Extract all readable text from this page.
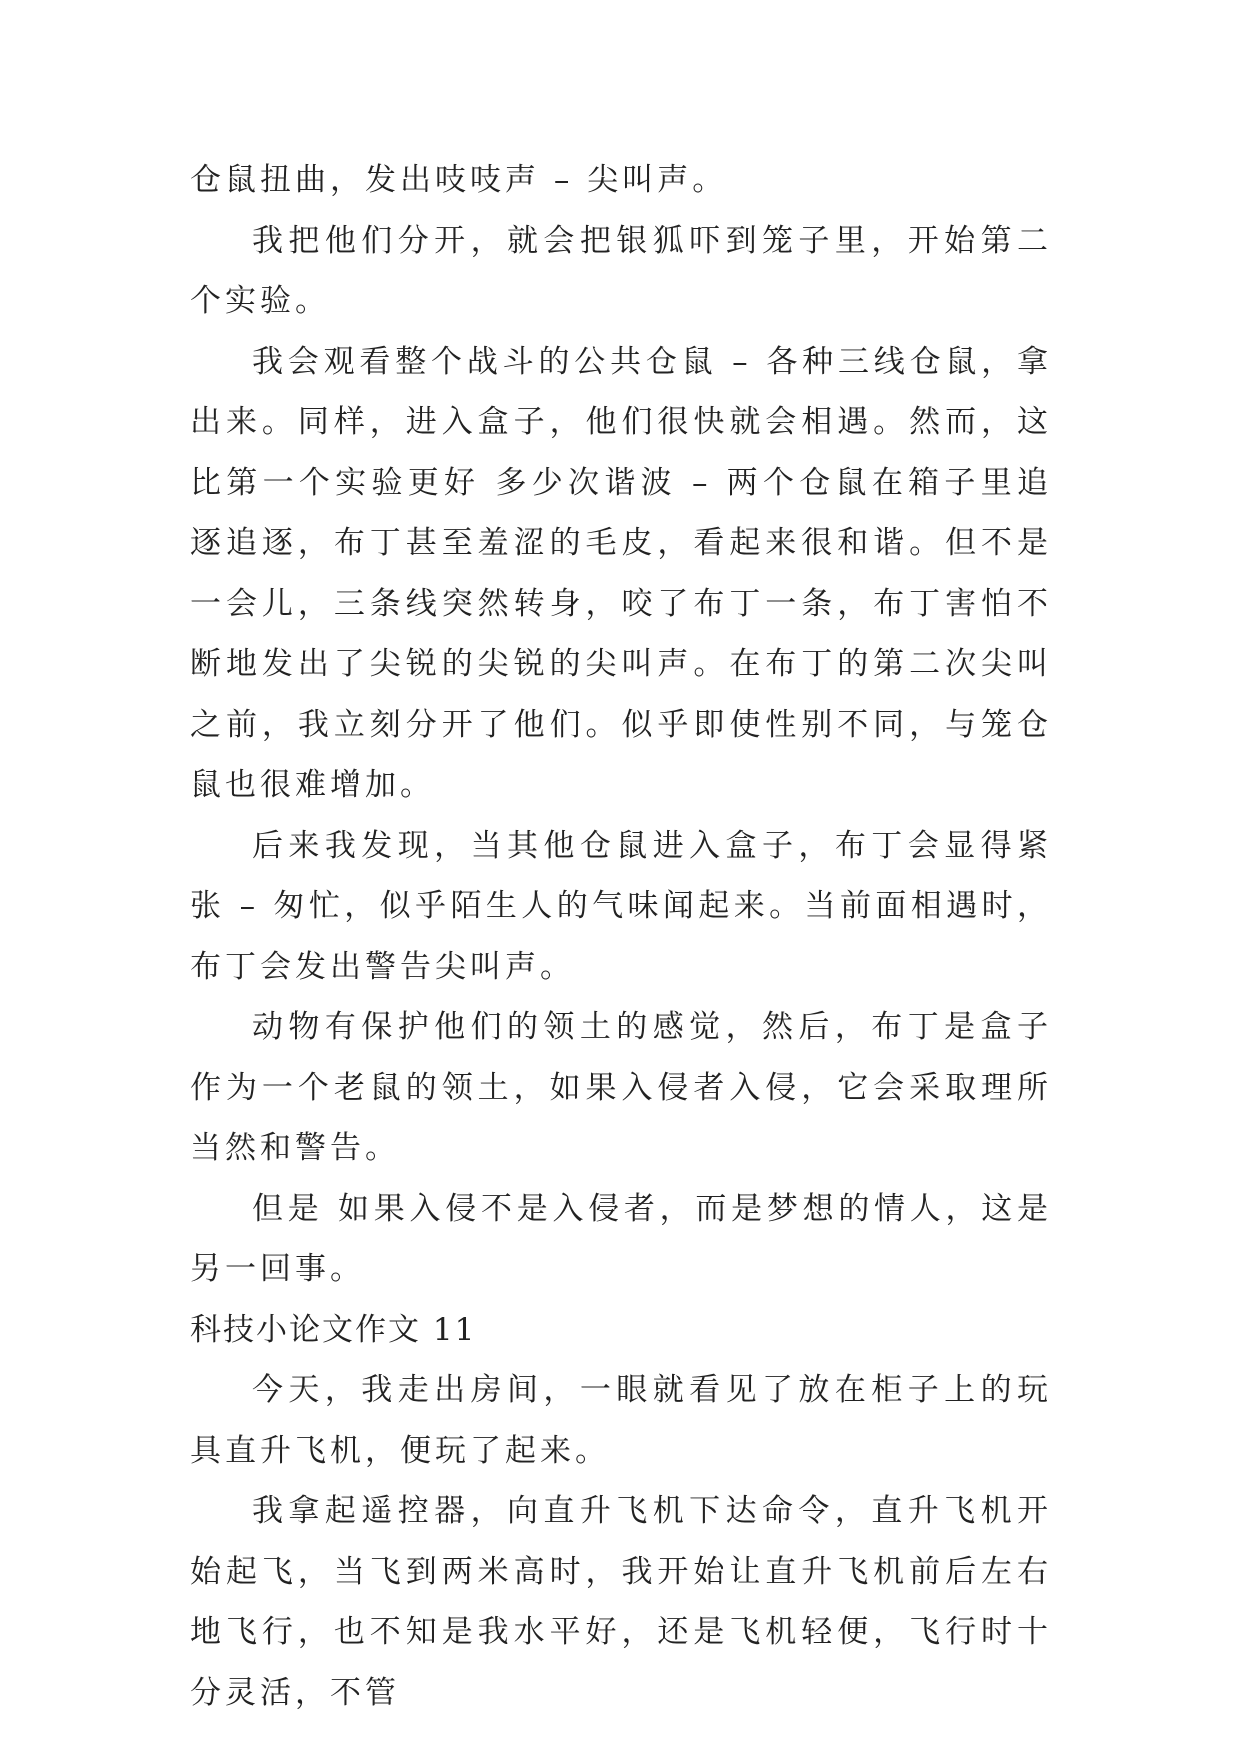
仓鼠扭曲，发出吱吱声 – 尖叫声。

我把他们分开，就会把银狐吓到笼子里，开始第二个实验。

我会观看整个战斗的公共仓鼠 – 各种三线仓鼠，拿出来。同样，进入盒子，他们很快就会相遇。然而，这比第一个实验更好 多少次谐波 – 两个仓鼠在箱子里追逐追逐，布丁甚至羞涩的毛皮，看起来很和谐。但不是一会儿，三条线突然转身，咬了布丁一条，布丁害怕不断地发出了尖锐的尖锐的尖叫声。在布丁的第二次尖叫之前，我立刻分开了他们。似乎即使性别不同，与笼仓鼠也很难增加。

后来我发现，当其他仓鼠进入盒子，布丁会显得紧张 – 匆忙，似乎陌生人的气味闻起来。当前面相遇时，布丁会发出警告尖叫声。

动物有保护他们的领土的感觉，然后，布丁是盒子作为一个老鼠的领土，如果入侵者入侵，它会采取理所当然和警告。

但是 如果入侵不是入侵者，而是梦想的情人，这是另一回事。

科技小论文作文 11

今天，我走出房间，一眼就看见了放在柜子上的玩具直升飞机，便玩了起来。

我拿起遥控器，向直升飞机下达命令，直升飞机开始起飞，当飞到两米高时，我开始让直升飞机前后左右地飞行，也不知是我水平好，还是飞机轻便，飞行时十分灵活，不管
